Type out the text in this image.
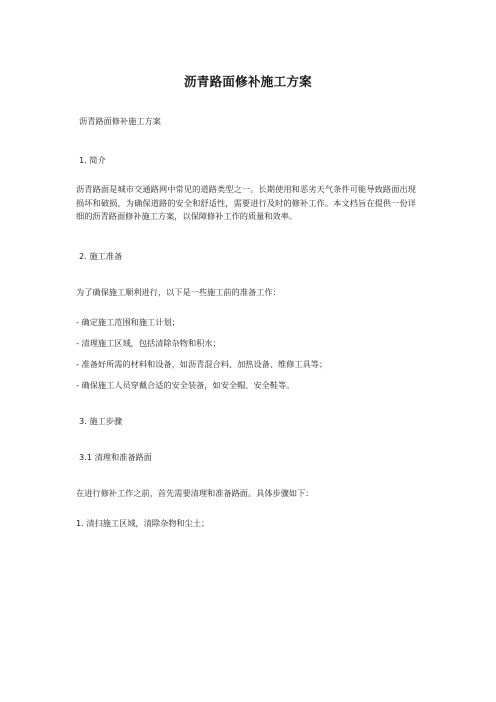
沥青路面修补施工方案
沥青路面修补施工方案
1. 简介
沥青路面是城市交通路网中常见的道路类型之一。长期使用和恶劣天气条件可能导致路面出现损坏和破损，为确保道路的安全和舒适性，需要进行及时的修补工作。本文档旨在提供一份详细的沥青路面修补施工方案，以保障修补工作的质量和效率。
2. 施工准备
为了确保施工顺利进行，以下是一些施工前的准备工作：
- 确定施工范围和施工计划；
- 清理施工区域，包括清除杂物和积水；
- 准备好所需的材料和设备，如沥青混合料、加热设备、维修工具等；
- 确保施工人员穿戴合适的安全装备，如安全帽、安全鞋等。
3. 施工步骤
3.1 清理和准备路面
在进行修补工作之前，首先需要清理和准备路面。具体步骤如下：
1. 清扫施工区域，清除杂物和尘土；
